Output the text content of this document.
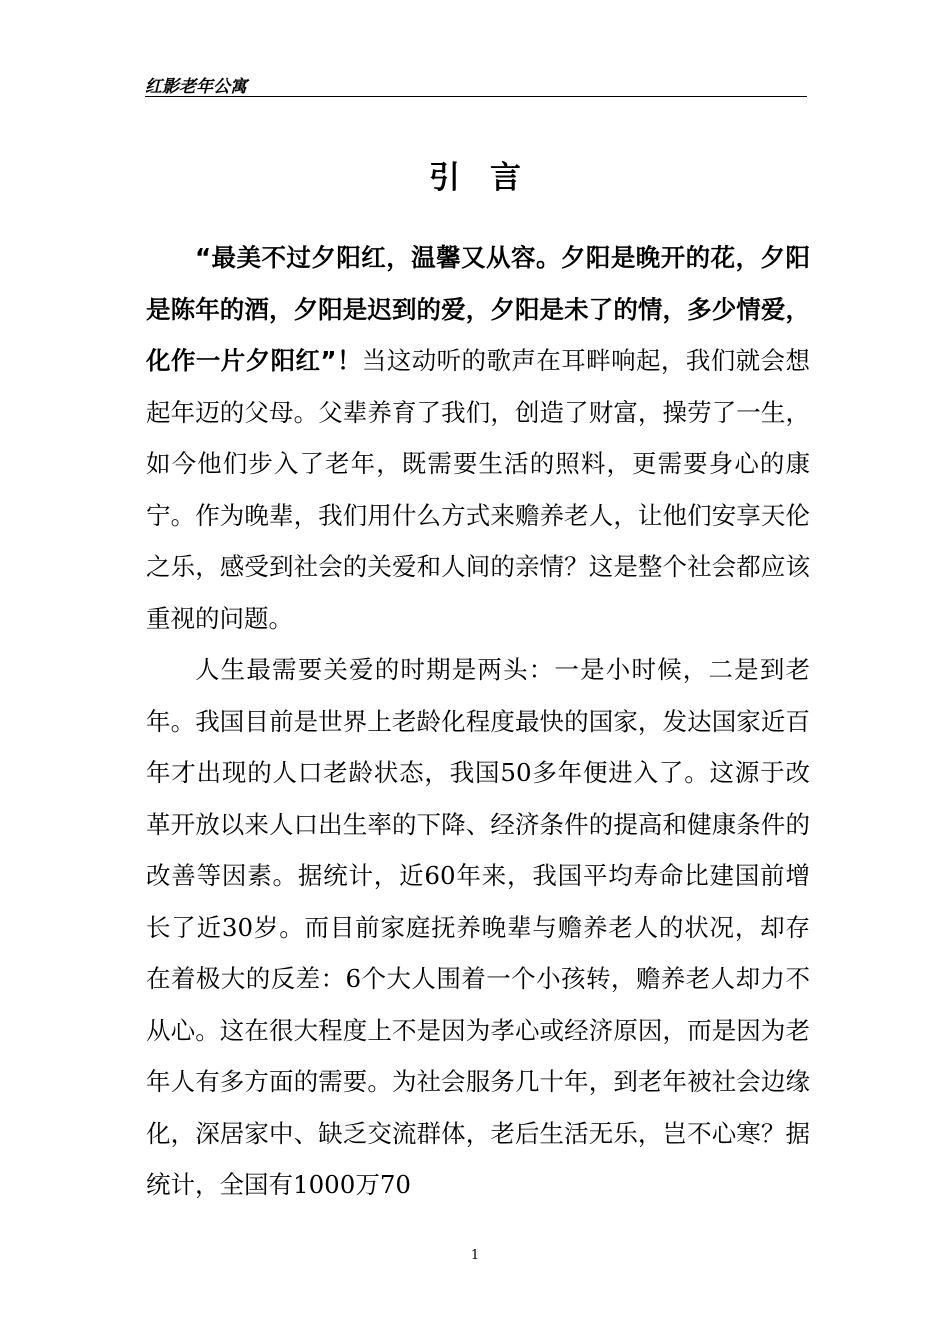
红影老年公寓
引言

“最美不过夕阳红，温馨又从容。夕阳是晚开的花，夕阳是陈年的酒，夕阳是迟到的爱，夕阳是未了的情，多少情爱，化作一片夕阳红”！当这动听的歌声在耳畔响起，我们就会想起年迈的父母。父辈养育了我们，创造了财富，操劳了一生，如今他们步入了老年，既需要生活的照料，更需要身心的康宁。作为晚辈，我们用什么方式来赡养老人，让他们安享天伦之乐，感受到社会的关爱和人间的亲情？这是整个社会都应该重视的问题。

人生最需要关爱的时期是两头：一是小时候，二是到老年。我国目前是世界上老龄化程度最快的国家，发达国家近百年才出现的人口老龄状态，我国50多年便进入了。这源于改革开放以来人口出生率的下降、经济条件的提高和健康条件的改善等因素。据统计，近60年来，我国平均寿命比建国前增长了近30岁。而目前家庭抚养晚辈与赡养老人的状况，却存在着极大的反差：6个大人围着一个小孩转，赡养老人却力不从心。这在很大程度上不是因为孝心或经济原因，而是因为老年人有多方面的需要。为社会服务几十年，到老年被社会边缘化，深居家中、缺乏交流群体，老后生活无乐，岂不心寒？据统计，全国有1000万70

1
